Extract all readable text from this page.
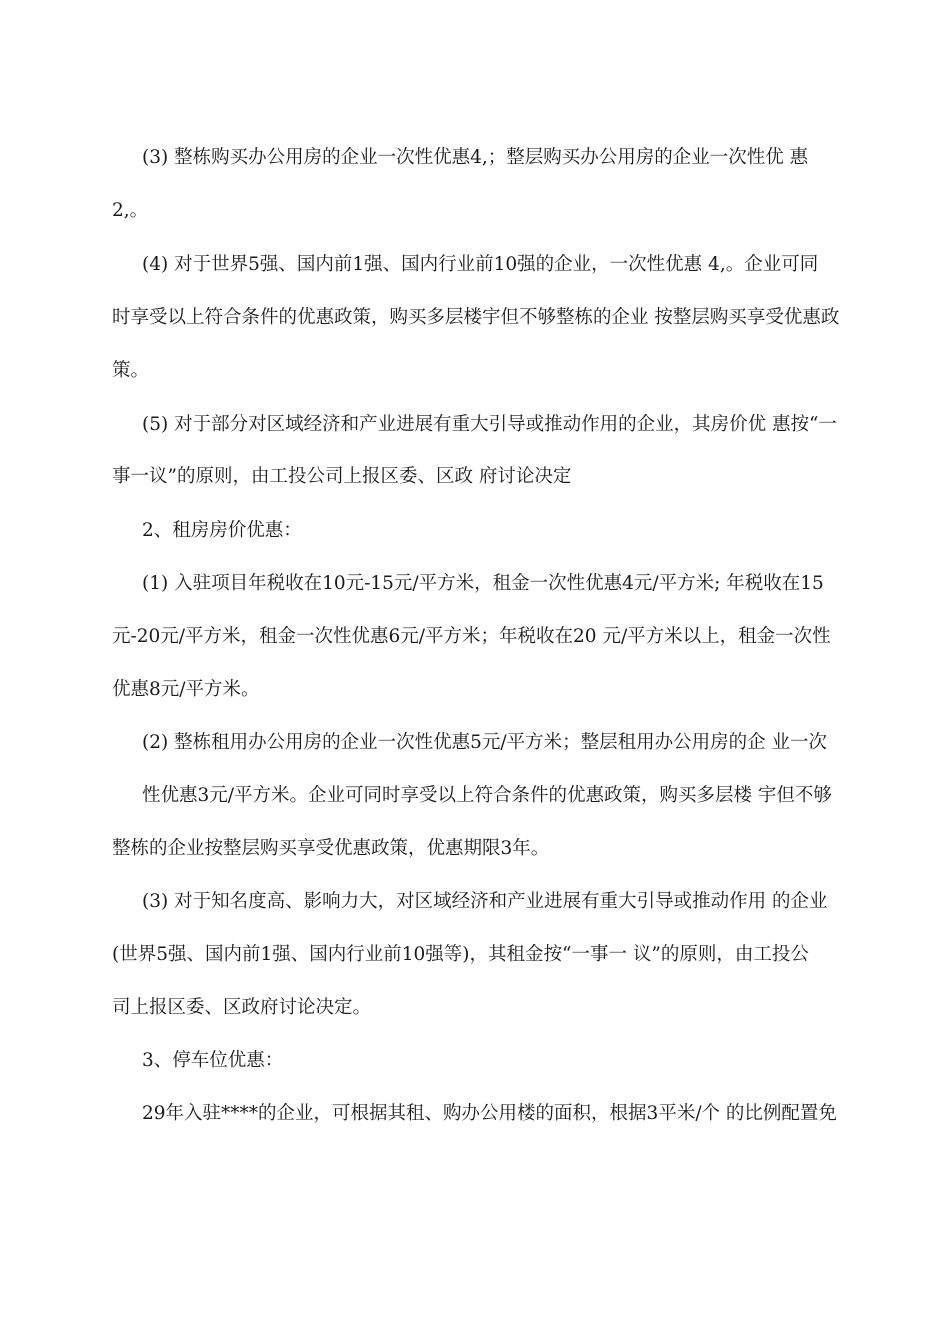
(3) 整栋购买办公用房的企业一次性优惠4,；整层购买办公用房的企业一次性优 惠
2,。
(4) 对于世界5强、国内前1强、国内行业前10强的企业，一次性优惠 4,。企业可同
时享受以上符合条件的优惠政策，购买多层楼宇但不够整栋的企业 按整层购买享受优惠政
策。
(5) 对于部分对区域经济和产业进展有重大引导或推动作用的企业，其房价优 惠按“一
事一议”的原则，由工投公司上报区委、区政 府讨论决定
2、租房房价优惠：
(1) 入驻项目年税收在10元-15元/平方米，租金一次性优惠4元/平方米; 年税收在15
元-20元/平方米，租金一次性优惠6元/平方米；年税收在20 元/平方米以上，租金一次性
优惠8元/平方米。
(2) 整栋租用办公用房的企业一次性优惠5元/平方米；整层租用办公用房的企 业一次
性优惠3元/平方米。企业可同时享受以上符合条件的优惠政策，购买多层楼 宇但不够
整栋的企业按整层购买享受优惠政策，优惠期限3年。
(3) 对于知名度高、影响力大，对区域经济和产业进展有重大引导或推动作用 的企业
(世界5强、国内前1强、国内行业前10强等)，其租金按“一事一 议”的原则，由工投公
司上报区委、区政府讨论决定。
3、停车位优惠：
29年入驻****的企业，可根据其租、购办公用楼的面积，根据3平米/个 的比例配置免
